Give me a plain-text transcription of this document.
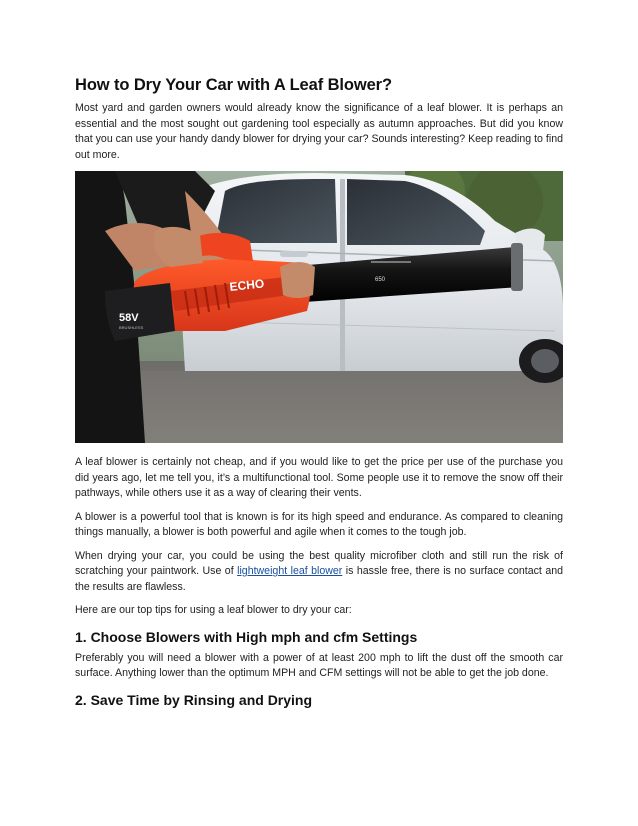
How to Dry Your Car with A Leaf Blower?

Most yard and garden owners would already know the significance of a leaf blower. It is perhaps an essential and the most sought out gardening tool especially as autumn approaches. But did you know that you can use your handy dandy blower for drying your car? Sounds interesting? Keep reading to find out more.

650
ECHO
58V
BRUSHLESS

A leaf blower is certainly not cheap, and if you would like to get the price per use of the purchase you did years ago, let me tell you, it’s a multifunctional tool. Some people use it to remove the snow off their pathways, while others use it as a way of clearing their vents.

A blower is a powerful tool that is known is for its high speed and endurance. As compared to cleaning things manually, a blower is both powerful and agile when it comes to the tough job.

When drying your car, you could be using the best quality microfiber cloth and still run the risk of scratching your paintwork. Use of lightweight leaf blower is hassle free, there is no surface contact and the results are flawless.

Here are our top tips for using a leaf blower to dry your car:

1. Choose Blowers with High mph and cfm Settings

Preferably you will need a blower with a power of at least 200 mph to lift the dust off the smooth car surface. Anything lower than the optimum MPH and CFM settings will not be able to get the job done.

2. Save Time by Rinsing and Drying
